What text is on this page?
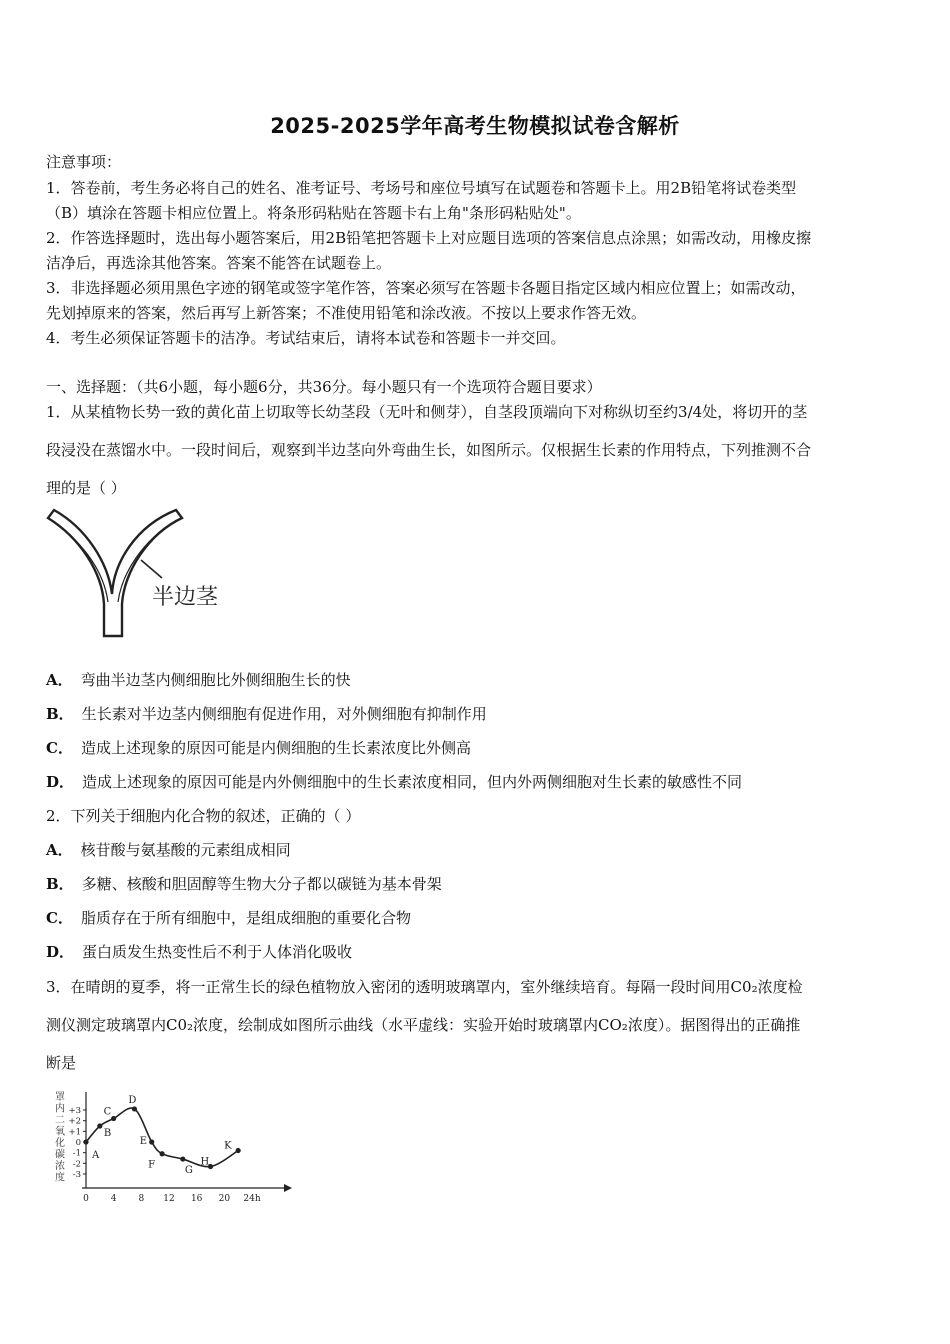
2025-2025学年高考生物模拟试卷含解析
注意事项：
1．答卷前，考生务必将自己的姓名、准考证号、考场号和座位号填写在试题卷和答题卡上。用2B铅笔将试卷类型
（B）填涂在答题卡相应位置上。将条形码粘贴在答题卡右上角"条形码粘贴处"。
2．作答选择题时，选出每小题答案后，用2B铅笔把答题卡上对应题目选项的答案信息点涂黑；如需改动，用橡皮擦
洁净后，再选涂其他答案。答案不能答在试题卷上。
3．非选择题必须用黑色字迹的钢笔或签字笔作答，答案必须写在答题卡各题目指定区域内相应位置上；如需改动，
先划掉原来的答案，然后再写上新答案；不准使用铅笔和涂改液。不按以上要求作答无效。
4．考生必须保证答题卡的洁净。考试结束后，请将本试卷和答题卡一并交回。
一、选择题：（共6小题，每小题6分，共36分。每小题只有一个选项符合题目要求）
1．从某植物长势一致的黄化苗上切取等长幼茎段（无叶和侧芽），自茎段顶端向下对称纵切至约3/4处，将切开的茎
段浸没在蒸馏水中。一段时间后，观察到半边茎向外弯曲生长，如图所示。仅根据生长素的作用特点，下列推测不合
理的是（ ）
半边茎
A． 弯曲半边茎内侧细胞比外侧细胞生长的快
B． 生长素对半边茎内侧细胞有促进作用，对外侧细胞有抑制作用
C． 造成上述现象的原因可能是内侧细胞的生长素浓度比外侧高
D． 造成上述现象的原因可能是内外侧细胞中的生长素浓度相同，但内外两侧细胞对生长素的敏感性不同
2．下列关于细胞内化合物的叙述，正确的（ ）
A． 核苷酸与氨基酸的元素组成相同
B． 多糖、核酸和胆固醇等生物大分子都以碳链为基本骨架
C． 脂质存在于所有细胞中，是组成细胞的重要化合物
D． 蛋白质发生热变性后不利于人体消化吸收
3．在晴朗的夏季，将一正常生长的绿色植物放入密闭的透明玻璃罩内，室外继续培育。每隔一段时间用C0₂浓度检
测仪测定玻璃罩内C0₂浓度，绘制成如图所示曲线（水平虚线：实验开始时玻璃罩内CO₂浓度）。据图得出的正确推
断是
罩
内
二
氧
化
碳
浓
度
+3
+2
+1
0
-1
-2
-3
0 4 8 12 16 20 24h
A
B
C
D
E
F	G
H
K
